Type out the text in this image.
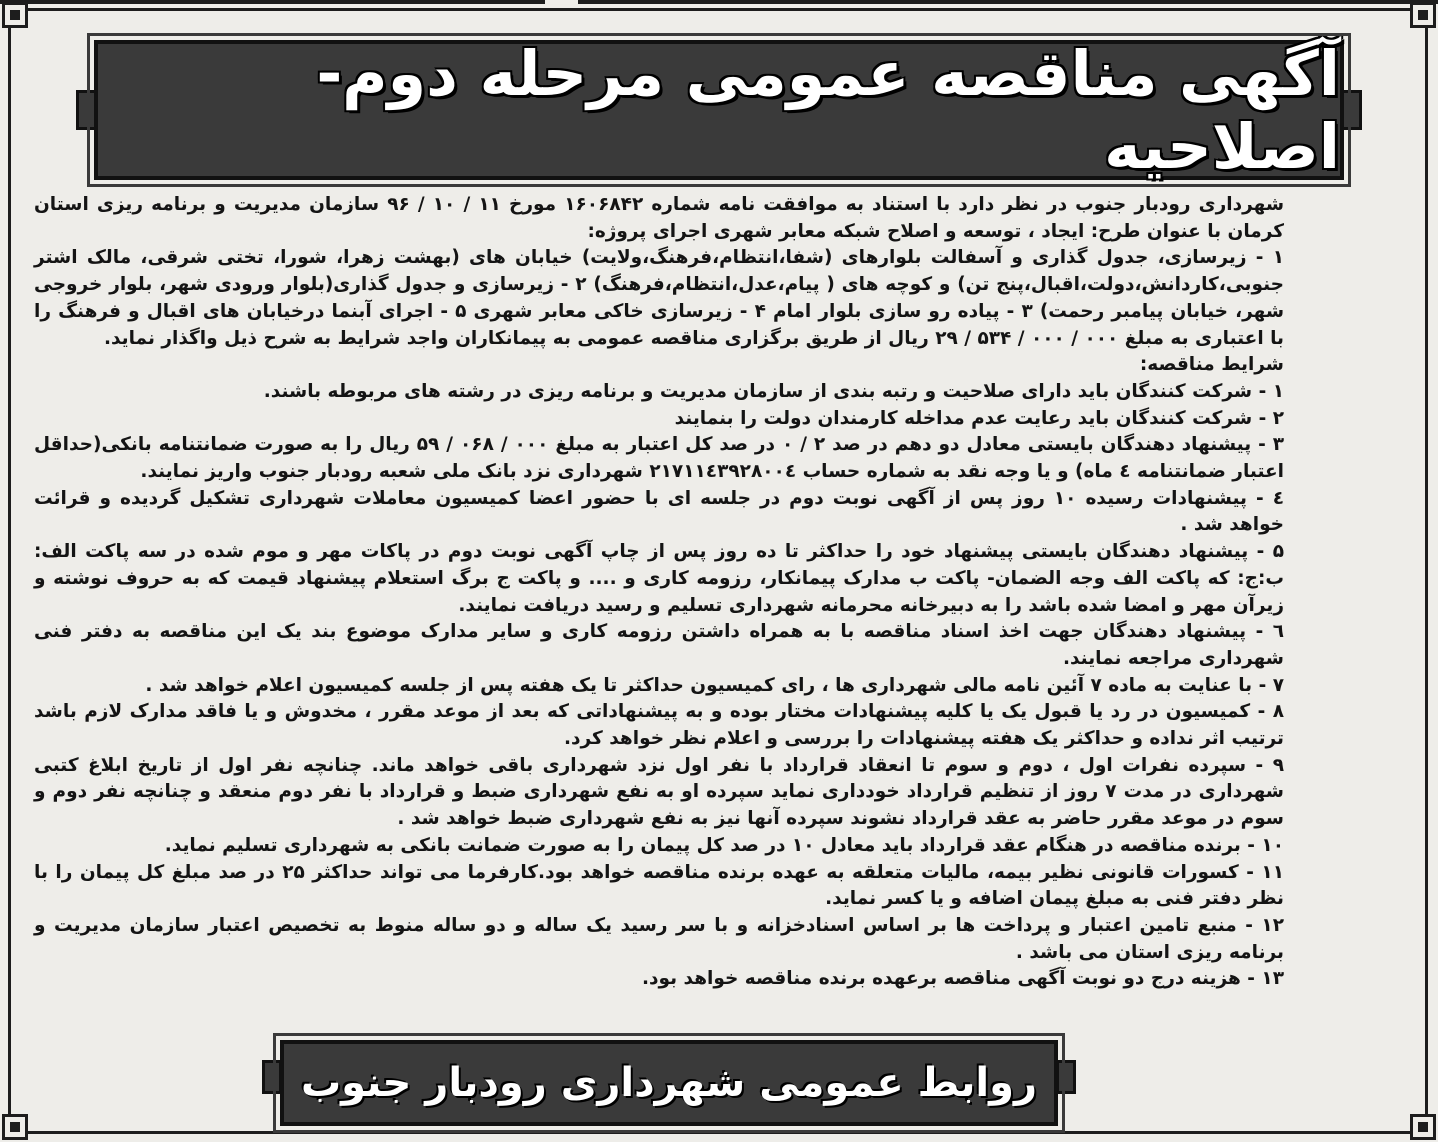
آگهی مناقصه عمومی مرحله دوم-اصلاحیه

شهرداری رودبار جنوب در نظر دارد با استناد به موافقت نامه شماره ۱۶۰۶۸۴۲ مورخ ۱۱ / ۱۰ / ۹۶ سازمان مدیریت و برنامه ریزی استان کرمان با عنوان طرح: ایجاد ، توسعه و اصلاح شبکه معابر شهری اجرای پروژه:

۱ - زیرسازی، جدول گذاری و آسفالت بلوارهای (شفا،انتظام،فرهنگ،ولایت) خیابان های (بهشت زهرا، شورا، تختی شرقی، مالک اشتر جنوبی،کاردانش،دولت،اقبال،پنج تن) و کوچه های ( پیام،عدل،انتظام،فرهنگ) ۲ - زیرسازی و جدول گذاری(بلوار ورودی شهر، بلوار خروجی شهر، خیابان پیامبر رحمت) ۳ - پیاده رو سازی بلوار امام ۴ - زیرسازی خاکی معابر شهری ۵ - اجرای آبنما درخیابان های اقبال و فرهنگ را با اعتباری به مبلغ ۰۰۰ / ۰۰۰ / ۵۳۴ / ۲۹ ریال از طریق برگزاری مناقصه عمومی به پیمانکاران واجد شرایط به شرح ذیل واگذار نماید.

شرایط مناقصه:

۱ - شرکت کنندگان باید دارای صلاحیت و رتبه بندی از سازمان مدیریت و برنامه ریزی در رشته های مربوطه باشند.

۲ - شرکت کنندگان باید رعایت عدم مداخله کارمندان دولت را بنمایند

۳ - پیشنهاد دهندگان بایستی معادل دو دهم در صد ۲ / ۰ در صد کل اعتبار به مبلغ ۰۰۰ / ۰۶۸ / ۵۹ ریال را به صورت ضمانتنامه بانکی(حداقل اعتبار ضمانتنامه ٤ ماه) و یا وجه نقد به شماره حساب ۲۱۷۱۱٤۳۹۲۸۰۰٤ شهرداری نزد بانک ملی شعبه رودبار جنوب واریز نمایند.

٤ - پیشنهادات رسیده ۱۰ روز پس از آگهی نوبت دوم در جلسه ای با حضور اعضا کمیسیون معاملات شهرداری تشکیل گردیده و قرائت خواهد شد .

۵ - پیشنهاد دهندگان بایستی پیشنهاد خود را حداکثر تا ده روز پس از چاپ آگهی نوبت دوم در پاکات مهر و موم شده در سه پاکت الف: ب:ج: که پاکت الف وجه الضمان- پاکت ب مدارک پیمانکار، رزومه کاری و .... و پاکت ج برگ استعلام پیشنهاد قیمت که به حروف نوشته و زیرآن مهر و امضا شده باشد را به دبیرخانه محرمانه شهرداری تسلیم و رسید دریافت نمایند.

٦ - پیشنهاد دهندگان جهت اخذ اسناد مناقصه با به همراه داشتن رزومه کاری و سایر مدارک موضوع بند یک این مناقصه به دفتر فنی شهرداری مراجعه نمایند.

۷ - با عنایت به ماده ۷ آئین نامه مالی شهرداری ها ، رای کمیسیون حداکثر تا یک هفته پس از جلسه کمیسیون اعلام خواهد شد .

۸ - کمیسیون در رد یا قبول یک یا کلیه پیشنهادات مختار بوده و به پیشنهاداتی که بعد از موعد مقرر ، مخدوش و یا فاقد مدارک لازم باشد ترتیب اثر نداده و حداکثر یک هفته پیشنهادات را بررسی و اعلام نظر خواهد کرد.

۹ - سپرده نفرات اول ، دوم و سوم تا انعقاد قرارداد با نفر اول نزد شهرداری باقی خواهد ماند. چنانچه نفر اول از تاریخ ابلاغ کتبی شهرداری در مدت ۷ روز از تنظیم قرارداد خودداری نماید سپرده او به نفع شهرداری ضبط و قرارداد با نفر دوم منعقد و چنانچه نفر دوم و سوم در موعد مقرر حاضر به عقد قرارداد نشوند سپرده آنها نیز به نفع شهرداری ضبط خواهد شد .

۱۰ - برنده مناقصه در هنگام عقد قرارداد باید معادل ۱۰ در صد کل پیمان را به صورت ضمانت بانکی به شهرداری تسلیم نماید.

۱۱ - کسورات قانونی نظیر بیمه، مالیات متعلقه به عهده برنده مناقصه خواهد بود.کارفرما می تواند حداکثر ۲۵ در صد مبلغ کل پیمان را با نظر دفتر فنی به مبلغ پیمان اضافه و یا کسر نماید.

۱۲ - منبع تامین اعتبار و پرداخت ها بر اساس اسنادخزانه و با سر رسید یک ساله و دو ساله منوط به تخصیص اعتبار سازمان مدیریت و برنامه ریزی استان می باشد .

۱۳ - هزینه درج دو نوبت آگهی مناقصه برعهده برنده مناقصه خواهد بود.

روابط عمومی شهرداری رودبار جنوب
